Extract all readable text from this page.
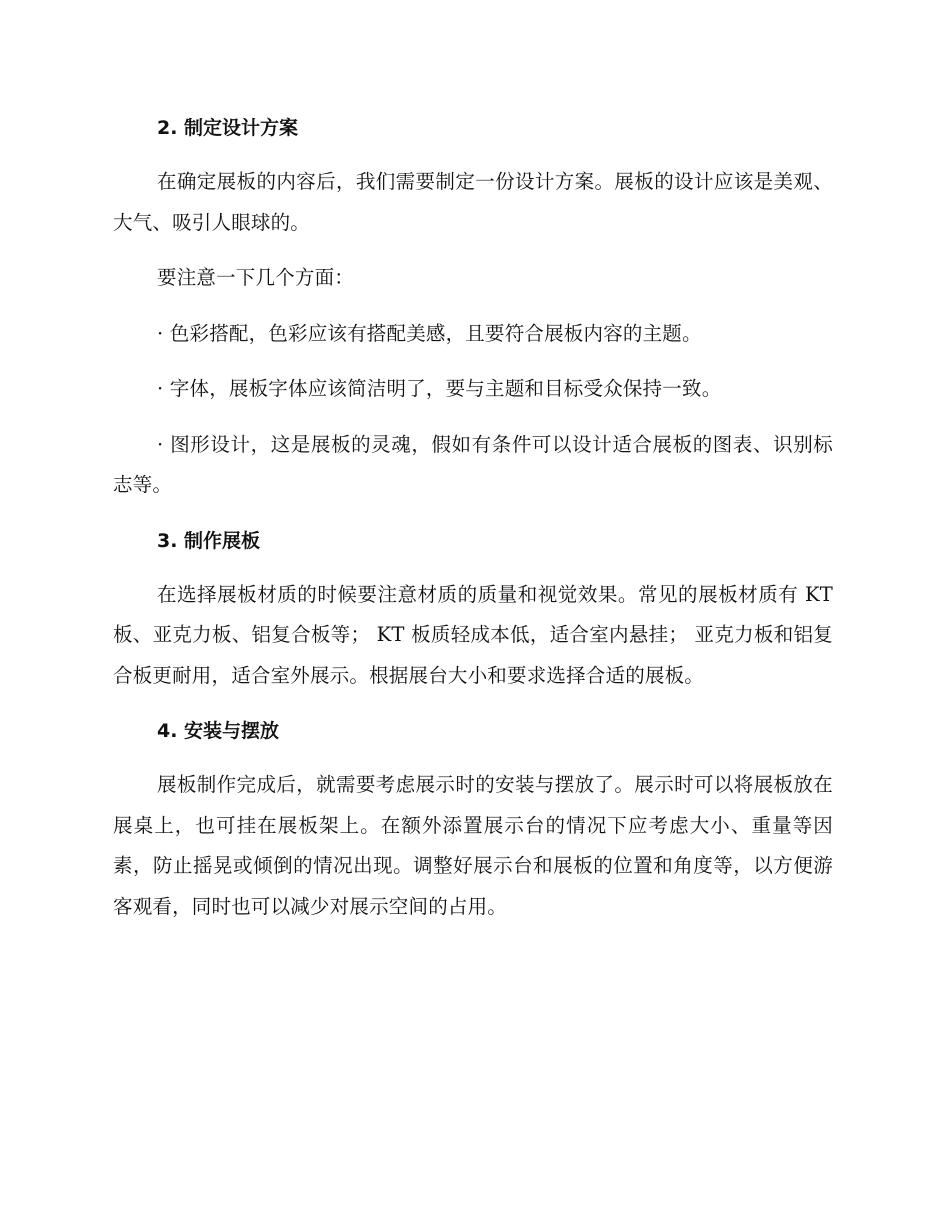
2. 制定设计方案

在确定展板的内容后，我们需要制定一份设计方案。展板的设计应该是美观、大气、吸引人眼球的。

要注意一下几个方面：

· 色彩搭配，色彩应该有搭配美感，且要符合展板内容的主题。

· 字体，展板字体应该简洁明了，要与主题和目标受众保持一致。

· 图形设计，这是展板的灵魂，假如有条件可以设计适合展板的图表、识别标志等。

3. 制作展板

在选择展板材质的时候要注意材质的质量和视觉效果。常见的展板材质有 KT 板、亚克力板、铝复合板等； KT 板质轻成本低，适合室内悬挂； 亚克力板和铝复合板更耐用，适合室外展示。根据展台大小和要求选择合适的展板。

4. 安装与摆放

展板制作完成后，就需要考虑展示时的安装与摆放了。展示时可以将展板放在展桌上，也可挂在展板架上。在额外添置展示台的情况下应考虑大小、重量等因素，防止摇晃或倾倒的情况出现。调整好展示台和展板的位置和角度等，以方便游客观看，同时也可以减少对展示空间的占用。
